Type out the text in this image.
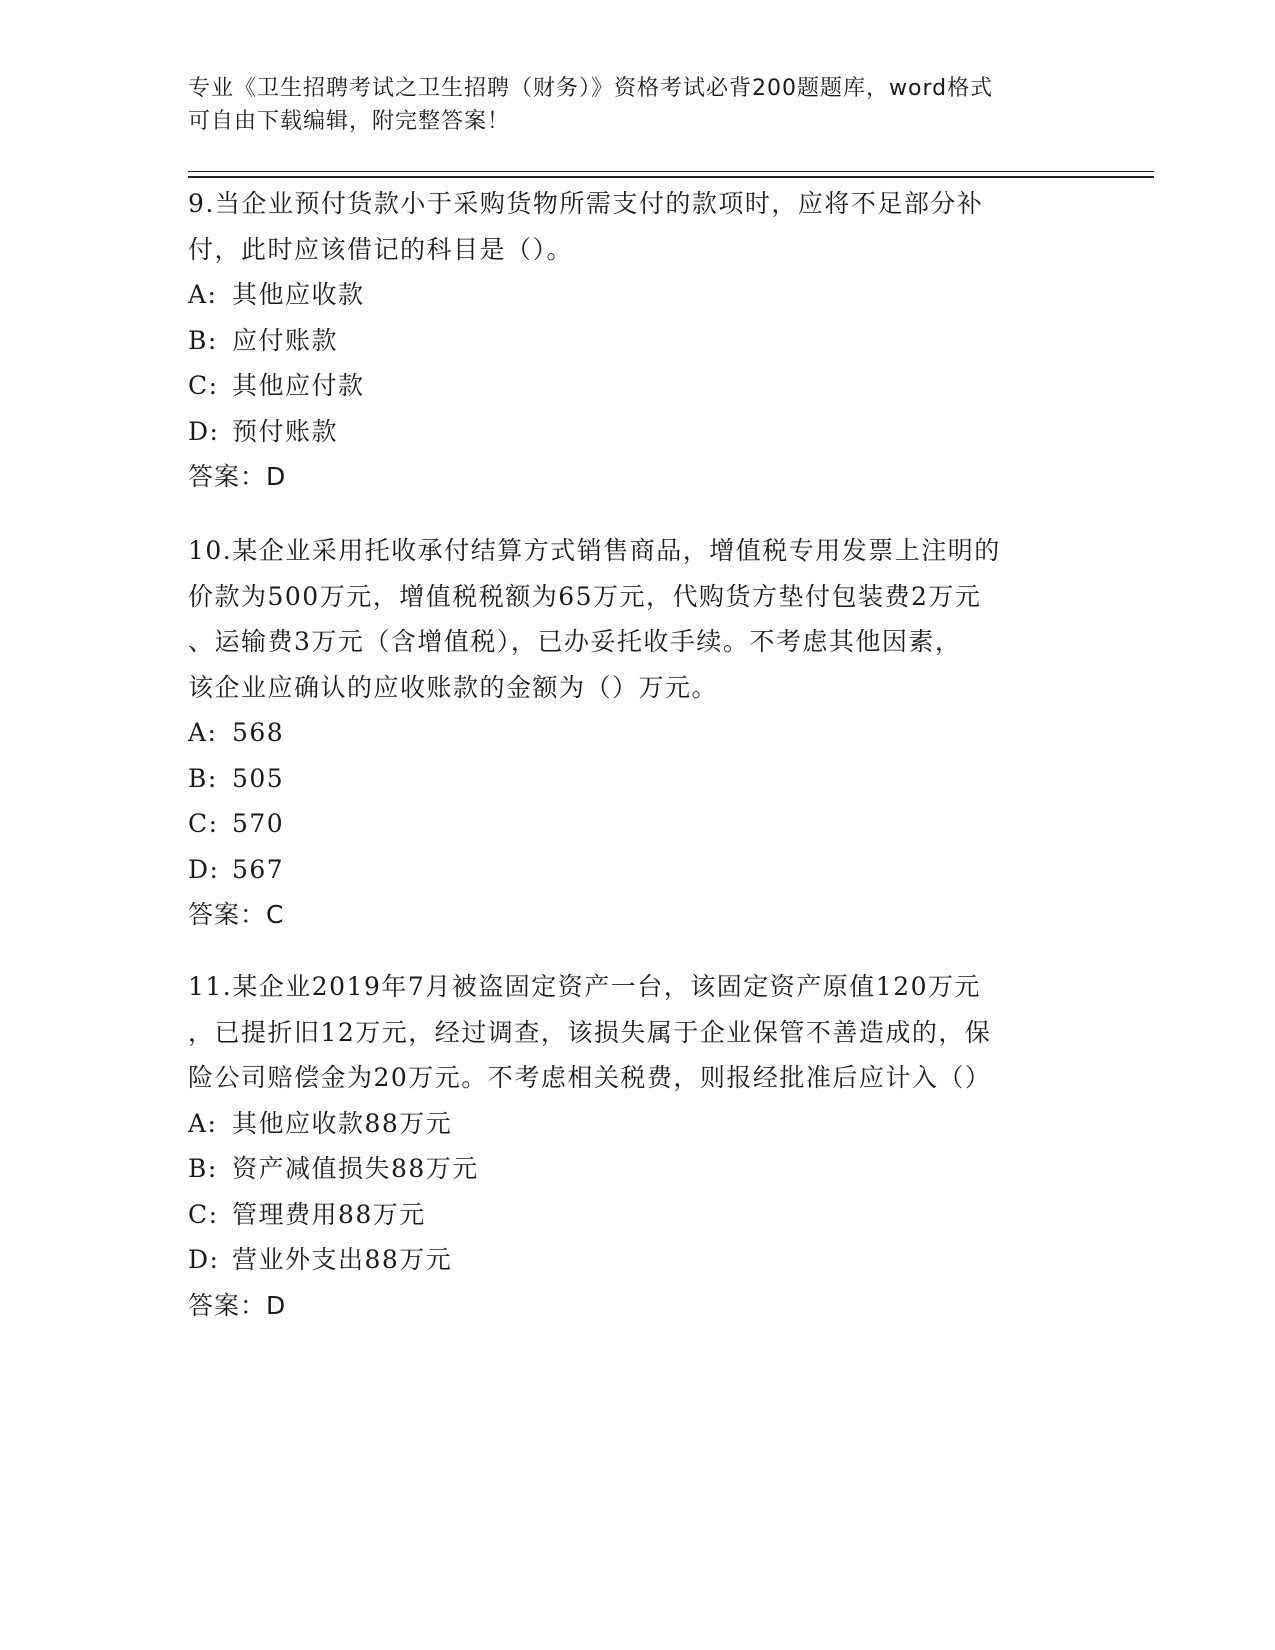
专业《卫生招聘考试之卫生招聘（财务）》资格考试必背200题题库，word格式
可自由下载编辑，附完整答案！
9.当企业预付货款小于采购货物所需支付的款项时，应将不足部分补
付，此时应该借记的科目是（）。
A: 其他应收款
B: 应付账款
C: 其他应付款
D: 预付账款
答案：D
10.某企业采用托收承付结算方式销售商品，增值税专用发票上注明的
价款为500万元，增值税税额为65万元，代购货方垫付包装费2万元
、运输费3万元（含增值税），已办妥托收手续。不考虑其他因素，
该企业应确认的应收账款的金额为（）万元。
A: 568
B: 505
C: 570
D: 567
答案：C
11.某企业2019年7月被盗固定资产一台，该固定资产原值120万元
，已提折旧12万元，经过调查，该损失属于企业保管不善造成的，保
险公司赔偿金为20万元。不考虑相关税费，则报经批准后应计入（）
A: 其他应收款88万元
B: 资产减值损失88万元
C: 管理费用88万元
D: 营业外支出88万元
答案：D
